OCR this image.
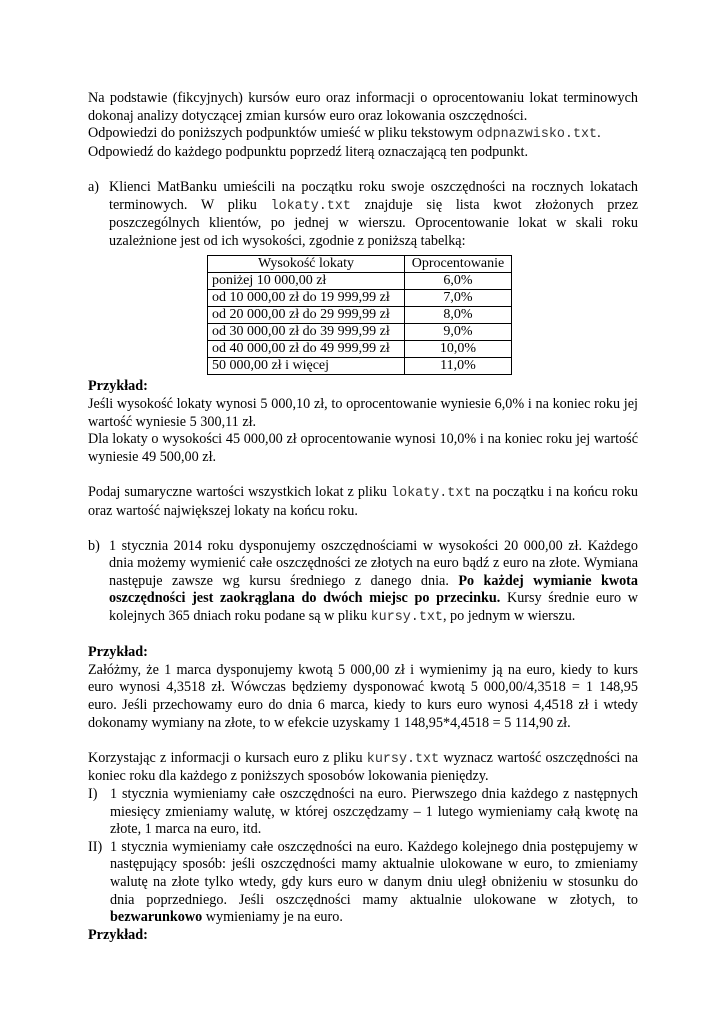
Na podstawie (fikcyjnych) kursów euro oraz informacji o oprocentowaniu lokat terminowych dokonaj analizy dotyczącej zmian kursów euro oraz lokowania oszczędności.

Odpowiedzi do poniższych podpunktów umieść w pliku tekstowym odpnazwisko.txt.

Odpowiedź do każdego podpunktu poprzedź literą oznaczającą ten podpunkt.

a) Klienci MatBanku umieścili na początku roku swoje oszczędności na rocznych lokatach terminowych. W pliku lokaty.txt znajduje się lista kwot złożonych przez poszczególnych klientów, po jednej w wierszu. Oprocentowanie lokat w skali roku uzależnione jest od ich wysokości, zgodnie z poniższą tabelką:

Wysokość lokaty	Oprocentowanie
poniżej 10 000,00 zł	6,0%
od 10 000,00 zł do 19 999,99 zł	7,0%
od 20 000,00 zł do 29 999,99 zł	8,0%
od 30 000,00 zł do 39 999,99 zł	9,0%
od 40 000,00 zł do 49 999,99 zł	10,0%
50 000,00 zł i więcej	11,0%

Przykład:

Jeśli wysokość lokaty wynosi 5 000,10 zł, to oprocentowanie wyniesie 6,0% i na koniec roku jej wartość wyniesie 5 300,11 zł.

Dla lokaty o wysokości 45 000,00 zł oprocentowanie wynosi 10,0% i na koniec roku jej wartość wyniesie 49 500,00 zł.

Podaj sumaryczne wartości wszystkich lokat z pliku lokaty.txt na początku i na końcu roku oraz wartość największej lokaty na końcu roku.

b) 1 stycznia 2014 roku dysponujemy oszczędnościami w wysokości 20 000,00 zł. Każdego dnia możemy wymienić całe oszczędności ze złotych na euro bądź z euro na złote. Wymiana następuje zawsze wg kursu średniego z danego dnia. Po każdej wymianie kwota oszczędności jest zaokrąglana do dwóch miejsc po przecinku. Kursy średnie euro w kolejnych 365 dniach roku podane są w pliku kursy.txt, po jednym w wierszu.

Przykład:

Załóżmy, że 1 marca dysponujemy kwotą 5 000,00 zł i wymienimy ją na euro, kiedy to kurs euro wynosi 4,3518 zł. Wówczas będziemy dysponować kwotą 5 000,00/4,3518 = 1 148,95 euro. Jeśli przechowamy euro do dnia 6 marca, kiedy to kurs euro wynosi 4,4518 zł i wtedy dokonamy wymiany na złote, to w efekcie uzyskamy 1 148,95*4,4518 = 5 114,90 zł.

Korzystając z informacji o kursach euro z pliku kursy.txt wyznacz wartość oszczędności na koniec roku dla każdego z poniższych sposobów lokowania pieniędzy.

I) 1 stycznia wymieniamy całe oszczędności na euro. Pierwszego dnia każdego z następnych miesięcy zmieniamy walutę, w której oszczędzamy – 1 lutego wymieniamy całą kwotę na złote, 1 marca na euro, itd.

II) 1 stycznia wymieniamy całe oszczędności na euro. Każdego kolejnego dnia postępujemy w następujący sposób: jeśli oszczędności mamy aktualnie ulokowane w euro, to zmieniamy walutę na złote tylko wtedy, gdy kurs euro w danym dniu uległ obniżeniu w stosunku do dnia poprzedniego. Jeśli oszczędności mamy aktualnie ulokowane w złotych, to bezwarunkowo wymieniamy je na euro.

Przykład:
